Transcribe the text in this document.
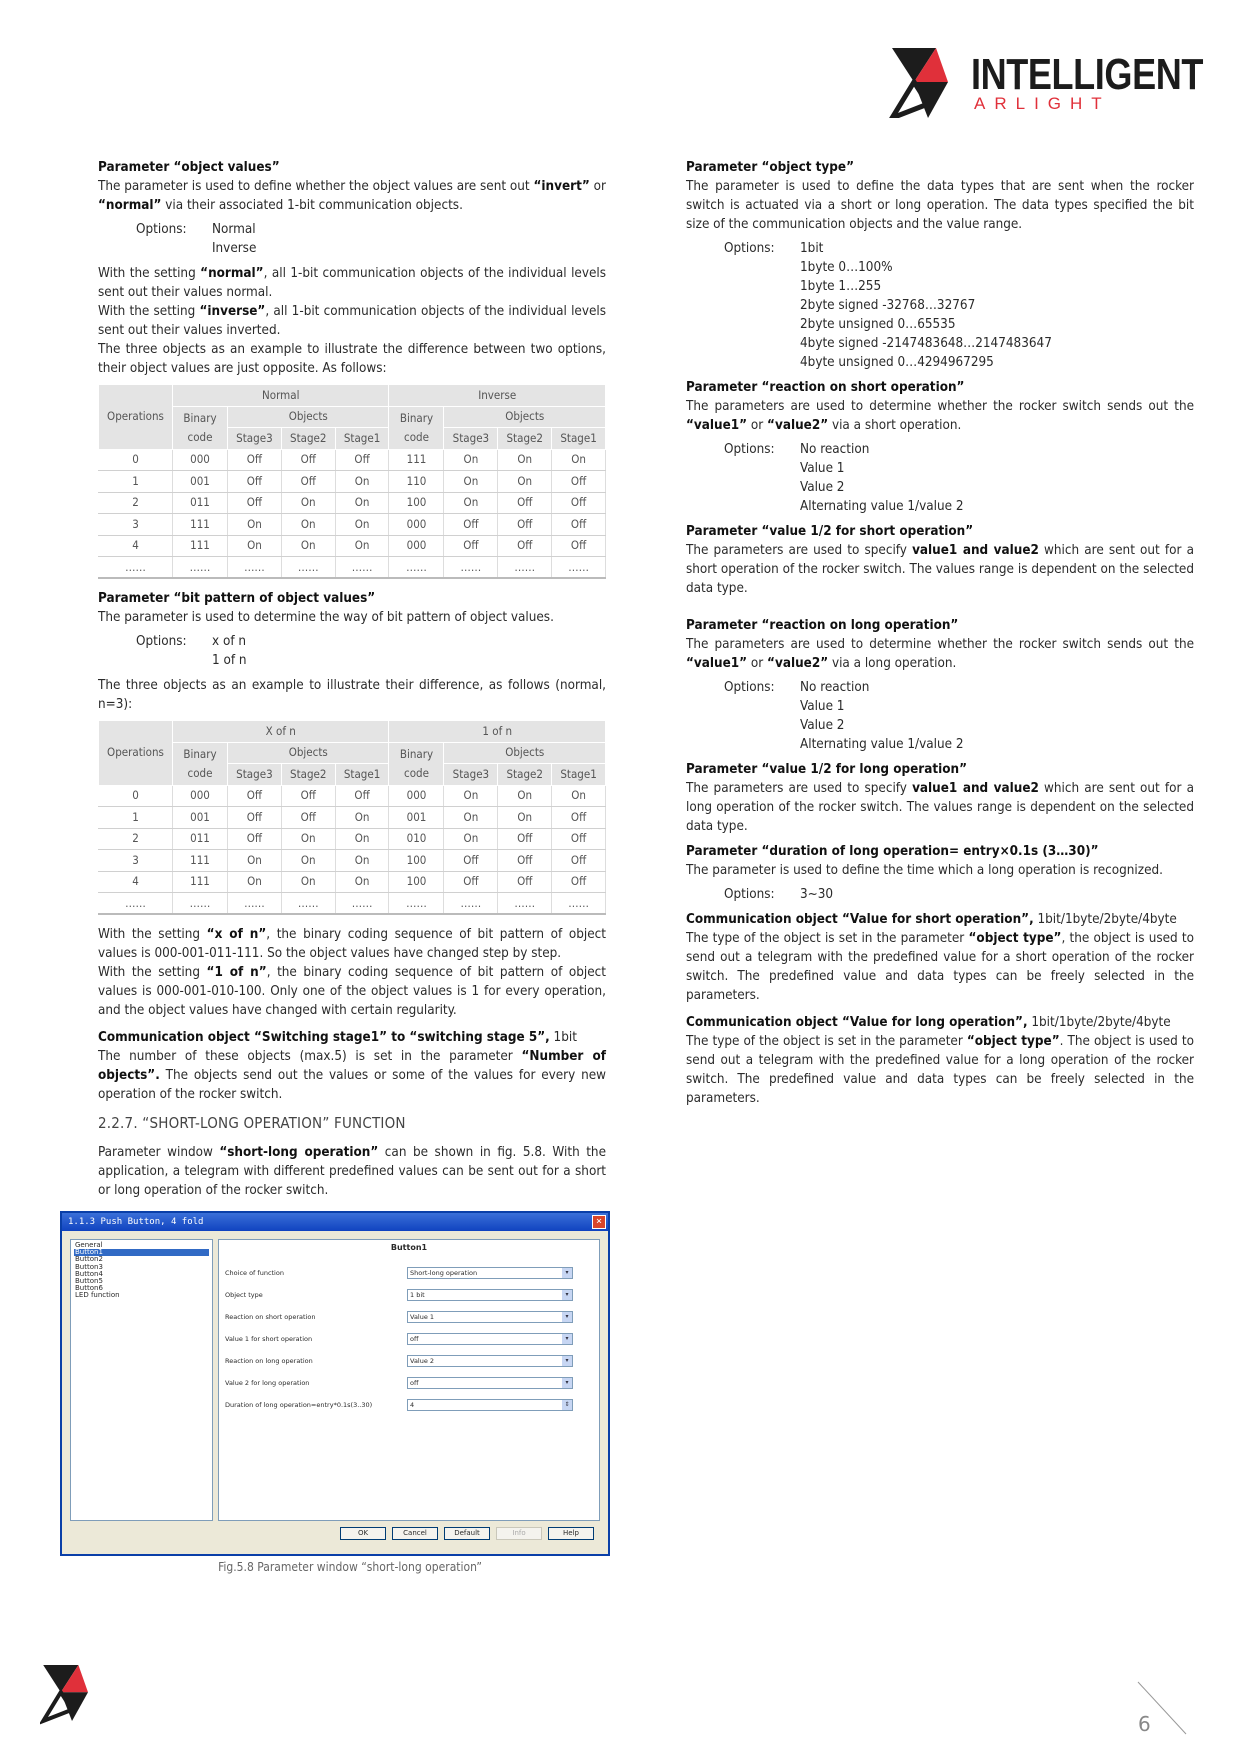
INTELLIGENT
ARLIGHT
Parameter “object values”

The parameter is used to define whether the object values are sent out “invert” or “normal” via their associated 1-bit communication objects.

Options:	Normal
Inverse

With the setting “normal”, all 1-bit communication objects of the individual levels sent out their values normal.

With the setting “inverse”, all 1-bit communication objects of the individual levels sent out their values inverted.

The three objects as an example to illustrate the difference between two options, their object values are just opposite. As follows:

Operations	Normal				Inverse			
	Binary code	Objects			Binary code	Objects		
		Stage3	Stage2	Stage1		Stage3	Stage2	Stage1
0	000	Off	Off	Off	111	On	On	On
1	001	Off	Off	On	110	On	On	Off
2	011	Off	On	On	100	On	Off	Off
3	111	On	On	On	000	Off	Off	Off
4	111	On	On	On	000	Off	Off	Off
……	……	……	……	……	……	……	……	……
Parameter “bit pattern of object values”

The parameter is used to determine the way of bit pattern of object values.

Options:	x of n
1 of n

The three objects as an example to illustrate their difference, as follows (normal, n=3):

Operations	X of n				1 of n			
	Binary code	Objects			Binary code	Objects		
		Stage3	Stage2	Stage1		Stage3	Stage2	Stage1
0	000	Off	Off	Off	000	On	On	On
1	001	Off	Off	On	001	On	On	Off
2	011	Off	On	On	010	On	Off	Off
3	111	On	On	On	100	Off	Off	Off
4	111	On	On	On	100	Off	Off	Off
……	……	……	……	……	……	……	……	……

With the setting “x of n”, the binary coding sequence of bit pattern of object values is 000-001-011-111. So the object values have changed step by step.

With the setting “1 of n”, the binary coding sequence of bit pattern of object values is 000-001-010-100. Only one of the object values is 1 for every operation, and the object values have changed with certain regularity.

Communication object “Switching stage1” to “switching stage 5”, 1bit

The number of these objects (max.5) is set in the parameter “Number of objects”. The objects send out the values or some of the values for every new operation of the rocker switch.

2.2.7. “SHORT-LONG OPERATION” FUNCTION

Parameter window “short-long operation” can be shown in fig. 5.8. With the application, a telegram with different predefined values can be sent out for a short or long operation of the rocker switch.

1.1.3 Push Button, 4 fold	×
General
Button1
Button2
Button3
Button4
Button5
Button6
LED function
Button1
Choice of function	Short-long operation	▾
Object type	1 bit	▾
Reaction on short operation	Value 1	▾
Value 1 for short operation	off	▾
Reaction on long operation	Value 2	▾
Value 2 for long operation	off	▾
Duration of long operation=entry*0.1s(3..30)	4	⇕
OK	Cancel	Default	Info	Help
Fig.5.8 Parameter window “short-long operation”
Parameter “object type”

The parameter is used to define the data types that are sent when the rocker switch is actuated via a short or long operation. The data types specified the bit size of the communication objects and the value range.

Options:	1bit
1byte 0…100%
1byte 1…255
2byte signed -32768…32767
2byte unsigned 0…65535
4byte signed -2147483648…2147483647
4byte unsigned 0…4294967295
Parameter “reaction on short operation”

The parameters are used to determine whether the rocker switch sends out the “value1” or “value2” via a short operation.

Options:	No reaction
Value 1
Value 2
Alternating value 1/value 2
Parameter “value 1/2 for short operation”

The parameters are used to specify value1 and value2 which are sent out for a short operation of the rocker switch. The values range is dependent on the selected data type.

Parameter “reaction on long operation”

The parameters are used to determine whether the rocker switch sends out the “value1” or “value2” via a long operation.

Options:	No reaction
Value 1
Value 2
Alternating value 1/value 2
Parameter “value 1/2 for long operation”

The parameters are used to specify value1 and value2 which are sent out for a long operation of the rocker switch. The values range is dependent on the selected data type.

Parameter “duration of long operation= entry×0.1s (3…30)”

The parameter is used to define the time which a long operation is recognized.

Options:	3~30
Communication object “Value for short operation”, 1bit/1byte/2byte/4byte

The type of the object is set in the parameter “object type”, the object is used to send out a telegram with the predefined value for a short operation of the rocker switch. The predefined value and data types can be freely selected in the parameters.

Communication object “Value for long operation”, 1bit/1byte/2byte/4byte

The type of the object is set in the parameter “object type”. The object is used to send out a telegram with the predefined value for a long operation of the rocker switch. The predefined value and data types can be freely selected in the parameters.

6
